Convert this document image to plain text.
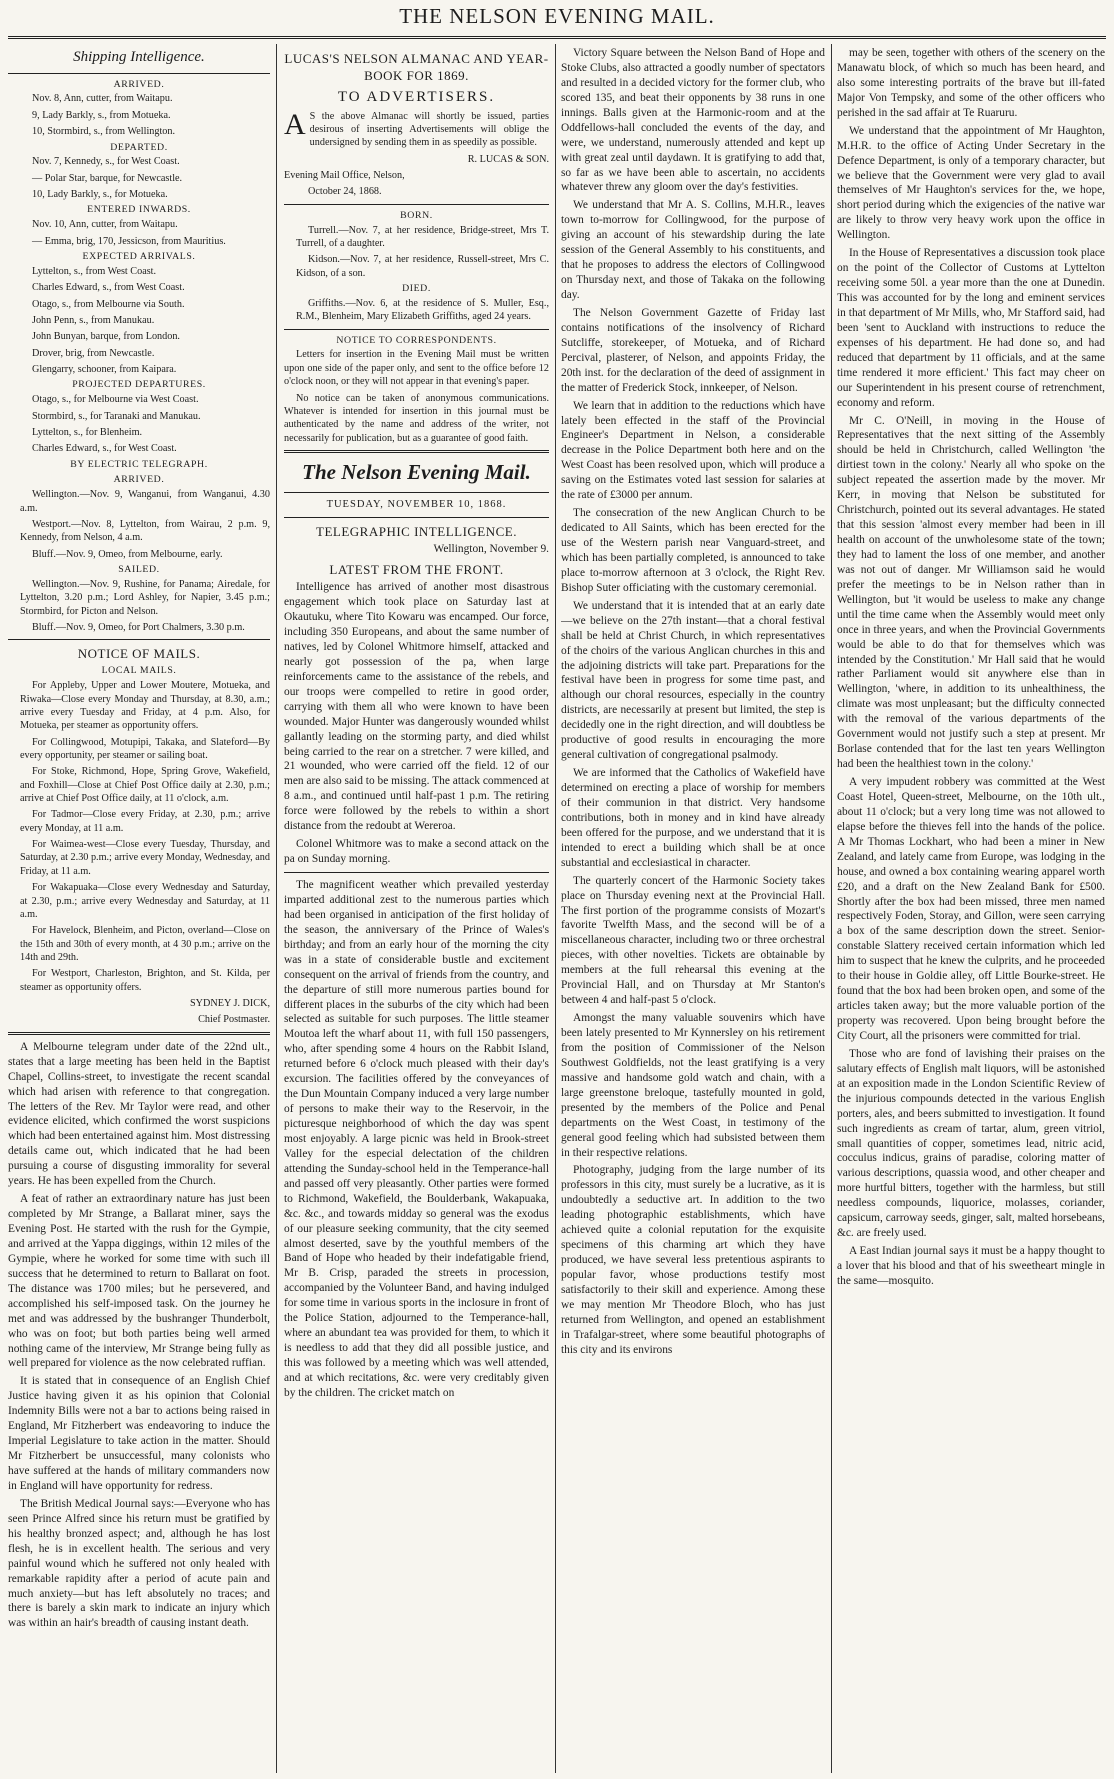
THE NELSON EVENING MAIL.
Shipping Intelligence.
ARRIVED.

Nov. 8, Ann, cutter, from Waitapu.

9, Lady Barkly, s., from Motueka.

10, Stormbird, s., from Wellington.

DEPARTED.

Nov. 7, Kennedy, s., for West Coast.

— Polar Star, barque, for Newcastle.

10, Lady Barkly, s., for Motueka.

ENTERED INWARDS.

Nov. 10, Ann, cutter, from Waitapu.

— Emma, brig, 170, Jessicson, from Mauritius.

EXPECTED ARRIVALS.

Lyttelton, s., from West Coast.

Charles Edward, s., from West Coast.

Otago, s., from Melbourne via South.

John Penn, s., from Manukau.

John Bunyan, barque, from London.

Drover, brig, from Newcastle.

Glengarry, schooner, from Kaipara.

PROJECTED DEPARTURES.

Otago, s., for Melbourne via West Coast.

Stormbird, s., for Taranaki and Manukau.

Lyttelton, s., for Blenheim.

Charles Edward, s., for West Coast.

BY ELECTRIC TELEGRAPH.
ARRIVED.

Wellington.—Nov. 9, Wanganui, from Wanganui, 4.30 a.m.

Westport.—Nov. 8, Lyttelton, from Wairau, 2 p.m. 9, Kennedy, from Nelson, 4 a.m.

Bluff.—Nov. 9, Omeo, from Melbourne, early.

SAILED.

Wellington.—Nov. 9, Rushine, for Panama; Airedale, for Lyttelton, 3.20 p.m.; Lord Ashley, for Napier, 3.45 p.m.; Stormbird, for Picton and Nelson.

Bluff.—Nov. 9, Omeo, for Port Chalmers, 3.30 p.m.

NOTICE OF MAILS.
LOCAL MAILS.

For Appleby, Upper and Lower Moutere, Motueka, and Riwaka—Close every Monday and Thursday, at 8.30, a.m.; arrive every Tuesday and Friday, at 4 p.m. Also, for Motueka, per steamer as opportunity offers.

For Collingwood, Motupipi, Takaka, and Slateford—By every opportunity, per steamer or sailing boat.

For Stoke, Richmond, Hope, Spring Grove, Wakefield, and Foxhill—Close at Chief Post Office daily at 2.30, p.m.; arrive at Chief Post Office daily, at 11 o'clock, a.m.

For Tadmor—Close every Friday, at 2.30, p.m.; arrive every Monday, at 11 a.m.

For Waimea-west—Close every Tuesday, Thursday, and Saturday, at 2.30 p.m.; arrive every Monday, Wednesday, and Friday, at 11 a.m.

For Wakapuaka—Close every Wednesday and Saturday, at 2.30, p.m.; arrive every Wednesday and Saturday, at 11 a.m.

For Havelock, Blenheim, and Picton, overland—Close on the 15th and 30th of every month, at 4 30 p.m.; arrive on the 14th and 29th.

For Westport, Charleston, Brighton, and St. Kilda, per steamer as opportunity offers.

SYDNEY J. DICK,

Chief Postmaster.

A Melbourne telegram under date of the 22nd ult., states that a large meeting has been held in the Baptist Chapel, Collins-street, to investigate the recent scandal which had arisen with reference to that congregation. The letters of the Rev. Mr Taylor were read, and other evidence elicited, which confirmed the worst suspicions which had been entertained against him. Most distressing details came out, which indicated that he had been pursuing a course of disgusting immorality for several years. He has been expelled from the Church.

A feat of rather an extraordinary nature has just been completed by Mr Strange, a Ballarat miner, says the Evening Post. He started with the rush for the Gympie, and arrived at the Yappa diggings, within 12 miles of the Gympie, where he worked for some time with such ill success that he determined to return to Ballarat on foot. The distance was 1700 miles; but he persevered, and accomplished his self-imposed task. On the journey he met and was addressed by the bushranger Thunderbolt, who was on foot; but both parties being well armed nothing came of the interview, Mr Strange being fully as well prepared for violence as the now celebrated ruffian.

It is stated that in consequence of an English Chief Justice having given it as his opinion that Colonial Indemnity Bills were not a bar to actions being raised in England, Mr Fitzherbert was endeavoring to induce the Imperial Legislature to take action in the matter. Should Mr Fitzherbert be unsuccessful, many colonists who have suffered at the hands of military commanders now in England will have opportunity for redress.

The British Medical Journal says:—Everyone who has seen Prince Alfred since his return must be gratified by his healthy bronzed aspect; and, although he has lost flesh, he is in excellent health. The serious and very painful wound which he suffered not only healed with remarkable rapidity after a period of acute pain and much anxiety—but has left absolutely no traces; and there is barely a skin mark to indicate an injury which was within an hair's breadth of causing instant death.

LUCAS'S NELSON ALMANAC AND YEAR-BOOK FOR 1869.
TO ADVERTISERS.

A S the above Almanac will shortly be issued, parties desirous of inserting Advertisements will oblige the undersigned by sending them in as speedily as possible.

R. LUCAS & SON.

Evening Mail Office, Nelson,

October 24, 1868.

BORN.

Turrell.—Nov. 7, at her residence, Bridge-street, Mrs T. Turrell, of a daughter.

Kidson.—Nov. 7, at her residence, Russell-street, Mrs C. Kidson, of a son.

DIED.

Griffiths.—Nov. 6, at the residence of S. Muller, Esq., R.M., Blenheim, Mary Elizabeth Griffiths, aged 24 years.

NOTICE TO CORRESPONDENTS.

Letters for insertion in the Evening Mail must be written upon one side of the paper only, and sent to the office before 12 o'clock noon, or they will not appear in that evening's paper.

No notice can be taken of anonymous communications. Whatever is intended for insertion in this journal must be authenticated by the name and address of the writer, not necessarily for publication, but as a guarantee of good faith.

The Nelson Evening Mail.
TUESDAY, NOVEMBER 10, 1868.
TELEGRAPHIC INTELLIGENCE.

Wellington, November 9.

LATEST FROM THE FRONT.

Intelligence has arrived of another most disastrous engagement which took place on Saturday last at Okautuku, where Tito Kowaru was encamped. Our force, including 350 Europeans, and about the same number of natives, led by Colonel Whitmore himself, attacked and nearly got possession of the pa, when large reinforcements came to the assistance of the rebels, and our troops were compelled to retire in good order, carrying with them all who were known to have been wounded. Major Hunter was dangerously wounded whilst gallantly leading on the storming party, and died whilst being carried to the rear on a stretcher. 7 were killed, and 21 wounded, who were carried off the field. 12 of our men are also said to be missing. The attack commenced at 8 a.m., and continued until half-past 1 p.m. The retiring force were followed by the rebels to within a short distance from the redoubt at Wereroa.

Colonel Whitmore was to make a second attack on the pa on Sunday morning.

The magnificent weather which prevailed yesterday imparted additional zest to the numerous parties which had been organised in anticipation of the first holiday of the season, the anniversary of the Prince of Wales's birthday; and from an early hour of the morning the city was in a state of considerable bustle and excitement consequent on the arrival of friends from the country, and the departure of still more numerous parties bound for different places in the suburbs of the city which had been selected as suitable for such purposes. The little steamer Moutoa left the wharf about 11, with full 150 passengers, who, after spending some 4 hours on the Rabbit Island, returned before 6 o'clock much pleased with their day's excursion. The facilities offered by the conveyances of the Dun Mountain Company induced a very large number of persons to make their way to the Reservoir, in the picturesque neighborhood of which the day was spent most enjoyably. A large picnic was held in Brook-street Valley for the especial delectation of the children attending the Sunday-school held in the Temperance-hall and passed off very pleasantly. Other parties were formed to Richmond, Wakefield, the Boulderbank, Wakapuaka, &c. &c., and towards midday so general was the exodus of our pleasure seeking community, that the city seemed almost deserted, save by the youthful members of the Band of Hope who headed by their indefatigable friend, Mr B. Crisp, paraded the streets in procession, accompanied by the Volunteer Band, and having indulged for some time in various sports in the inclosure in front of the Police Station, adjourned to the Temperance-hall, where an abundant tea was provided for them, to which it is needless to add that they did all possible justice, and this was followed by a meeting which was well attended, and at which recitations, &c. were very creditably given by the children. The cricket match on

Victory Square between the Nelson Band of Hope and Stoke Clubs, also attracted a goodly number of spectators and resulted in a decided victory for the former club, who scored 135, and beat their opponents by 38 runs in one innings. Balls given at the Harmonic-room and at the Oddfellows-hall concluded the events of the day, and were, we understand, numerously attended and kept up with great zeal until daydawn. It is gratifying to add that, so far as we have been able to ascertain, no accidents whatever threw any gloom over the day's festivities.

We understand that Mr A. S. Collins, M.H.R., leaves town to-morrow for Collingwood, for the purpose of giving an account of his stewardship during the late session of the General Assembly to his constituents, and that he proposes to address the electors of Collingwood on Thursday next, and those of Takaka on the following day.

The Nelson Government Gazette of Friday last contains notifications of the insolvency of Richard Sutcliffe, storekeeper, of Motueka, and of Richard Percival, plasterer, of Nelson, and appoints Friday, the 20th inst. for the declaration of the deed of assignment in the matter of Frederick Stock, innkeeper, of Nelson.

We learn that in addition to the reductions which have lately been effected in the staff of the Provincial Engineer's Department in Nelson, a considerable decrease in the Police Department both here and on the West Coast has been resolved upon, which will produce a saving on the Estimates voted last session for salaries at the rate of £3000 per annum.

The consecration of the new Anglican Church to be dedicated to All Saints, which has been erected for the use of the Western parish near Vanguard-street, and which has been partially completed, is announced to take place to-morrow afternoon at 3 o'clock, the Right Rev. Bishop Suter officiating with the customary ceremonial.

We understand that it is intended that at an early date—we believe on the 27th instant—that a choral festival shall be held at Christ Church, in which representatives of the choirs of the various Anglican churches in this and the adjoining districts will take part. Preparations for the festival have been in progress for some time past, and although our choral resources, especially in the country districts, are necessarily at present but limited, the step is decidedly one in the right direction, and will doubtless be productive of good results in encouraging the more general cultivation of congregational psalmody.

We are informed that the Catholics of Wakefield have determined on erecting a place of worship for members of their communion in that district. Very handsome contributions, both in money and in kind have already been offered for the purpose, and we understand that it is intended to erect a building which shall be at once substantial and ecclesiastical in character.

The quarterly concert of the Harmonic Society takes place on Thursday evening next at the Provincial Hall. The first portion of the programme consists of Mozart's favorite Twelfth Mass, and the second will be of a miscellaneous character, including two or three orchestral pieces, with other novelties. Tickets are obtainable by members at the full rehearsal this evening at the Provincial Hall, and on Thursday at Mr Stanton's between 4 and half-past 5 o'clock.

Amongst the many valuable souvenirs which have been lately presented to Mr Kynnersley on his retirement from the position of Commissioner of the Nelson Southwest Goldfields, not the least gratifying is a very massive and handsome gold watch and chain, with a large greenstone breloque, tastefully mounted in gold, presented by the members of the Police and Penal departments on the West Coast, in testimony of the general good feeling which had subsisted between them in their respective relations.

Photography, judging from the large number of its professors in this city, must surely be a lucrative, as it is undoubtedly a seductive art. In addition to the two leading photographic establishments, which have achieved quite a colonial reputation for the exquisite specimens of this charming art which they have produced, we have several less pretentious aspirants to popular favor, whose productions testify most satisfactorily to their skill and experience. Among these we may mention Mr Theodore Bloch, who has just returned from Wellington, and opened an establishment in Trafalgar-street, where some beautiful photographs of this city and its environs

may be seen, together with others of the scenery on the Manawatu block, of which so much has been heard, and also some interesting portraits of the brave but ill-fated Major Von Tempsky, and some of the other officers who perished in the sad affair at Te Ruaruru.

We understand that the appointment of Mr Haughton, M.H.R. to the office of Acting Under Secretary in the Defence Department, is only of a temporary character, but we believe that the Government were very glad to avail themselves of Mr Haughton's services for the, we hope, short period during which the exigencies of the native war are likely to throw very heavy work upon the office in Wellington.

In the House of Representatives a discussion took place on the point of the Collector of Customs at Lyttelton receiving some 50l. a year more than the one at Dunedin. This was accounted for by the long and eminent services in that department of Mr Mills, who, Mr Stafford said, had been 'sent to Auckland with instructions to reduce the expenses of his department. He had done so, and had reduced that department by 11 officials, and at the same time rendered it more efficient.' This fact may cheer on our Superintendent in his present course of retrenchment, economy and reform.

Mr C. O'Neill, in moving in the House of Representatives that the next sitting of the Assembly should be held in Christchurch, called Wellington 'the dirtiest town in the colony.' Nearly all who spoke on the subject repeated the assertion made by the mover. Mr Kerr, in moving that Nelson be substituted for Christchurch, pointed out its several advantages. He stated that this session 'almost every member had been in ill health on account of the unwholesome state of the town; they had to lament the loss of one member, and another was not out of danger. Mr Williamson said he would prefer the meetings to be in Nelson rather than in Wellington, but 'it would be useless to make any change until the time came when the Assembly would meet only once in three years, and when the Provincial Governments would be able to do that for themselves which was intended by the Constitution.' Mr Hall said that he would rather Parliament would sit anywhere else than in Wellington, 'where, in addition to its unhealthiness, the climate was most unpleasant; but the difficulty connected with the removal of the various departments of the Government would not justify such a step at present. Mr Borlase contended that for the last ten years Wellington had been the healthiest town in the colony.'

A very impudent robbery was committed at the West Coast Hotel, Queen-street, Melbourne, on the 10th ult., about 11 o'clock; but a very long time was not allowed to elapse before the thieves fell into the hands of the police. A Mr Thomas Lockhart, who had been a miner in New Zealand, and lately came from Europe, was lodging in the house, and owned a box containing wearing apparel worth £20, and a draft on the New Zealand Bank for £500. Shortly after the box had been missed, three men named respectively Foden, Storay, and Gillon, were seen carrying a box of the same description down the street. Senior-constable Slattery received certain information which led him to suspect that he knew the culprits, and he proceeded to their house in Goldie alley, off Little Bourke-street. He found that the box had been broken open, and some of the articles taken away; but the more valuable portion of the property was recovered. Upon being brought before the City Court, all the prisoners were committed for trial.

Those who are fond of lavishing their praises on the salutary effects of English malt liquors, will be astonished at an exposition made in the London Scientific Review of the injurious compounds detected in the various English porters, ales, and beers submitted to investigation. It found such ingredients as cream of tartar, alum, green vitriol, small quantities of copper, sometimes lead, nitric acid, cocculus indicus, grains of paradise, coloring matter of various descriptions, quassia wood, and other cheaper and more hurtful bitters, together with the harmless, but still needless compounds, liquorice, molasses, coriander, capsicum, carroway seeds, ginger, salt, malted horsebeans, &c. are freely used.

A East Indian journal says it must be a happy thought to a lover that his blood and that of his sweetheart mingle in the same—mosquito.
